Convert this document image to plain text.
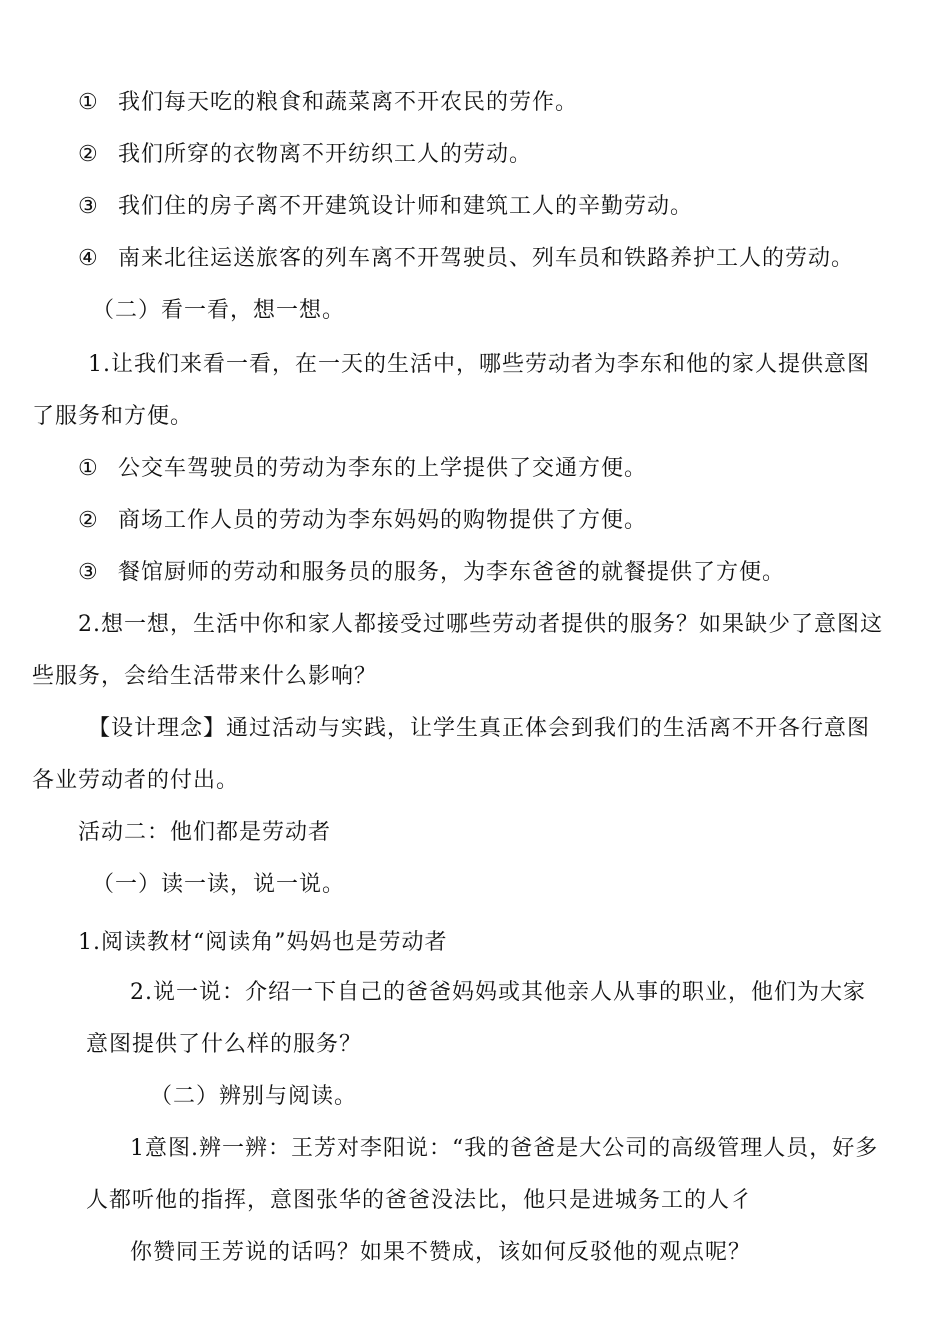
① 我们每天吃的粮食和蔬菜离不开农民的劳作。
② 我们所穿的衣物离不开纺织工人的劳动。
③ 我们住的房子离不开建筑设计师和建筑工人的辛勤劳动。
④ 南来北往运送旅客的列车离不开驾驶员、列车员和铁路养护工人的劳动。
（二）看一看，想一想。
1.让我们来看一看，在一天的生活中，哪些劳动者为李东和他的家人提供意图
了服务和方便。
① 公交车驾驶员的劳动为李东的上学提供了交通方便。
② 商场工作人员的劳动为李东妈妈的购物提供了方便。
③ 餐馆厨师的劳动和服务员的服务，为李东爸爸的就餐提供了方便。
2.想一想，生活中你和家人都接受过哪些劳动者提供的服务？如果缺少了意图这
些服务，会给生活带来什么影响？
【设计理念】通过活动与实践，让学生真正体会到我们的生活离不开各行意图
各业劳动者的付出。
活动二：他们都是劳动者
（一）读一读，说一说。
1.阅读教材“阅读角”妈妈也是劳动者
2.说一说：介绍一下自己的爸爸妈妈或其他亲人从事的职业，他们为大家
意图提供了什么样的服务？
（二）辨别与阅读。
1意图.辨一辨：王芳对李阳说：“我的爸爸是大公司的高级管理人员，好多
人都听他的指挥，意图张华的爸爸没法比，他只是进城务工的人彳
你赞同王芳说的话吗？如果不赞成，该如何反驳他的观点呢？
